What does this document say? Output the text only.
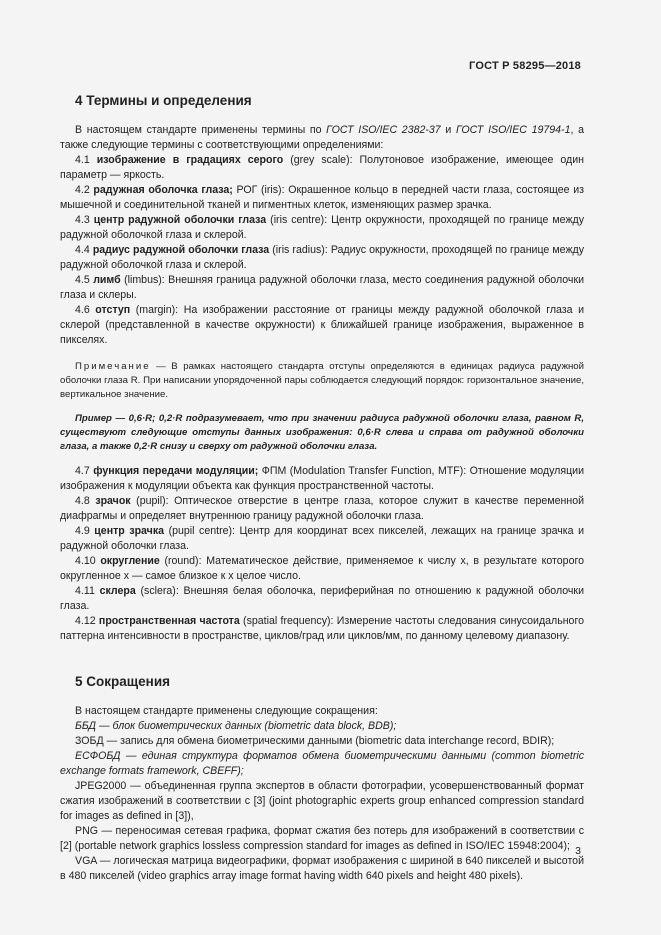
ГОСТ Р 58295—2018
4 Термины и определения

В настоящем стандарте применены термины по ГОСТ ISO/IEC 2382-37 и ГОСТ ISO/IEC 19794-1, а также следующие термины с соответствующими определениями:

4.1 изображение в градациях серого (grey scale): Полутоновое изображение, имеющее один параметр — яркость.

4.2 радужная оболочка глаза; РОГ (iris): Окрашенное кольцо в передней части глаза, состоящее из мышечной и соединительной тканей и пигментных клеток, изменяющих размер зрачка.

4.3 центр радужной оболочки глаза (iris centre): Центр окружности, проходящей по границе между радужной оболочкой глаза и склерой.

4.4 радиус радужной оболочки глаза (iris radius): Радиус окружности, проходящей по границе между радужной оболочкой глаза и склерой.

4.5 лимб (limbus): Внешняя граница радужной оболочки глаза, место соединения радужной оболочки глаза и склеры.

4.6 отступ (margin): На изображении расстояние от границы между радужной оболочкой глаза и склерой (представленной в качестве окружности) к ближайшей границе изображения, выраженное в пикселях.

Примечание — В рамках настоящего стандарта отступы определяются в единицах радиуса радужной оболочки глаза R. При написании упорядоченной пары соблюдается следующий порядок: горизонтальное значение, вертикальное значение.

Пример — 0,6·R; 0,2·R подразумевает, что при значении радиуса радужной оболочки глаза, равном R, существуют следующие отступы данных изображения: 0,6·R слева и справа от радужной оболочки глаза, а также 0,2·R снизу и сверху от радужной оболочки глаза.

4.7 функция передачи модуляции; ФПМ (Modulation Transfer Function, MTF): Отношение модуляции изображения к модуляции объекта как функция пространственной частоты.

4.8 зрачок (pupil): Оптическое отверстие в центре глаза, которое служит в качестве переменной диафрагмы и определяет внутреннюю границу радужной оболочки глаза.

4.9 центр зрачка (pupil centre): Центр для координат всех пикселей, лежащих на границе зрачка и радужной оболочки глаза.

4.10 округление (round): Математическое действие, применяемое к числу x, в результате которого округленное x — самое близкое к x целое число.

4.11 склера (sclera): Внешняя белая оболочка, периферийная по отношению к радужной оболочки глаза.

4.12 пространственная частота (spatial frequency): Измерение частоты следования синусоидального паттерна интенсивности в пространстве, циклов/град или циклов/мм, по данному целевому диапазону.

5 Сокращения

В настоящем стандарте применены следующие сокращения:

ББД — блок биометрических данных (biometric data block, BDB);

ЗОБД — запись для обмена биометрическими данными (biometric data interchange record, BDIR);

ЕСФОБД — единая структура форматов обмена биометрическими данными (common biometric exchange formats framework, CBEFF);

JPEG2000 — объединенная группа экспертов в области фотографии, усовершенствованный формат сжатия изображений в соответствии с [3] (joint photographic experts group enhanced compression standard for images as defined in [3]),

PNG — переносимая сетевая графика, формат сжатия без потерь для изображений в соответствии с [2] (portable network graphics lossless compression standard for images as defined in ISO/IEC 15948:2004);

VGA — логическая матрица видеографики, формат изображения с шириной в 640 пикселей и высотой в 480 пикселей (video graphics array image format having width 640 pixels and height 480 pixels).

3
